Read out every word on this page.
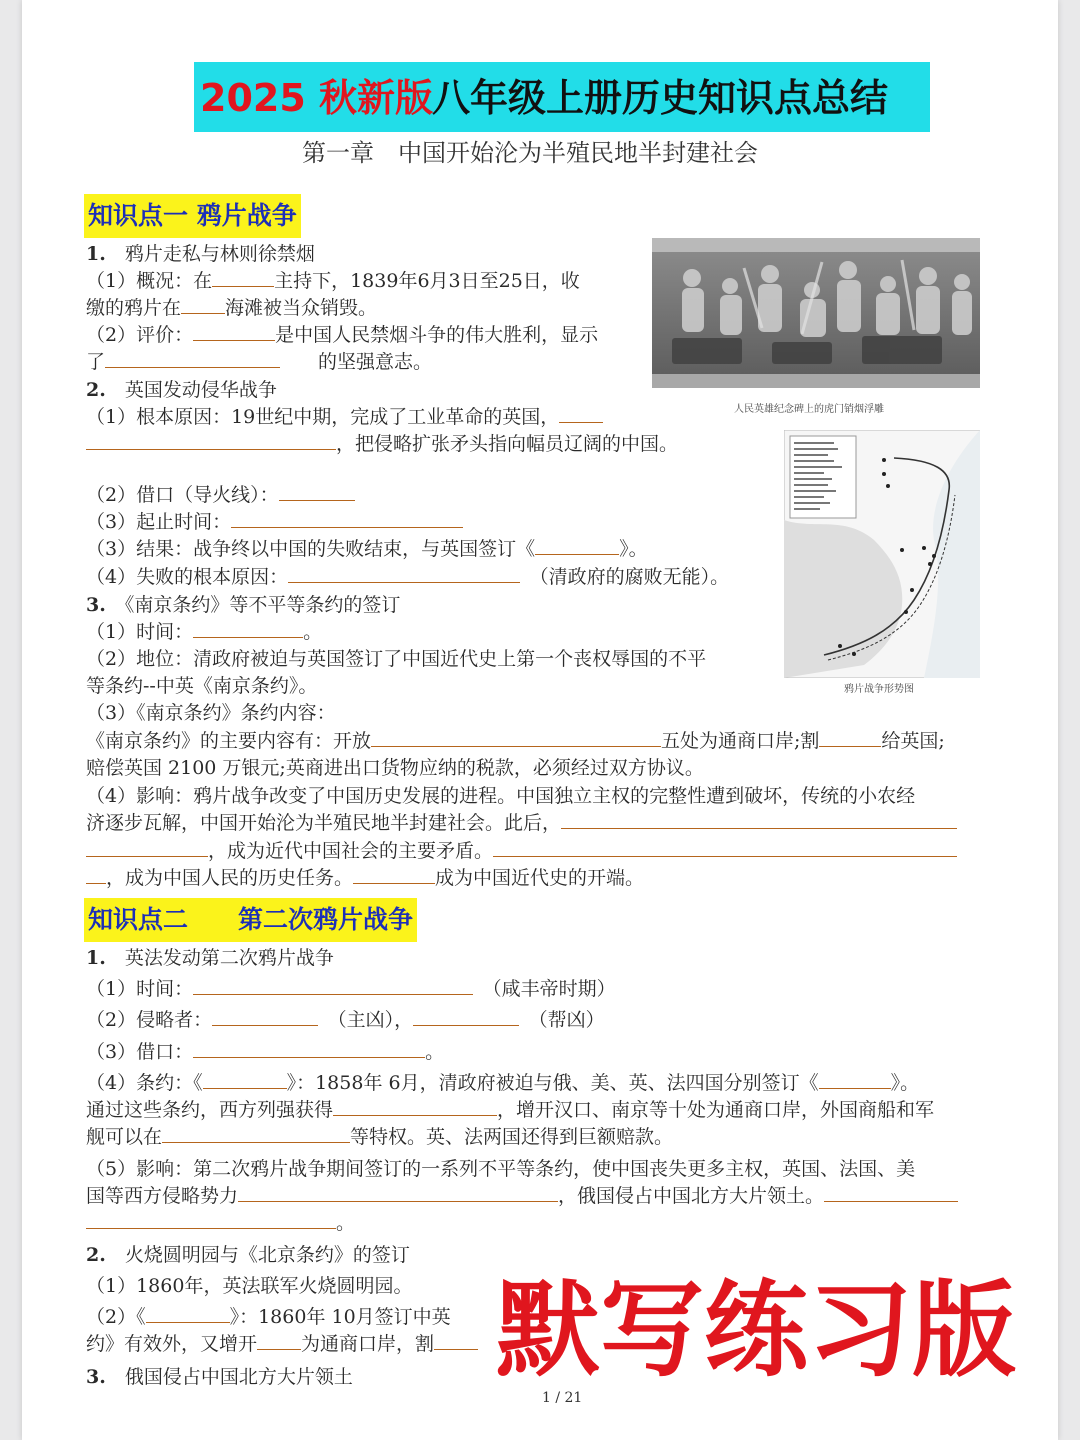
2025 秋新版 八年级上册历史知识点总结
第一章　中国开始沦为半殖民地半封建社会
知识点一 鸦片战争
1.　 鸦片走私与林则徐禁烟
（1）概况：在	主持下，1839年6月3日至25日，收
缴的鸦片在 海滩被当众销毁。
（2）评价：	是中国人民禁烟斗争的伟大胜利，显示
了　　	的坚强意志。
2.　 英国发动侵华战争
（1）根本原因：19世纪中期，完成了工业革命的英国，
，把侵略扩张矛头指向幅员辽阔的中国。
（2）借口（导火线）：
（3）起止时间：
（3）结果：战争终以中国的失败结束，与英国签订《	》。
（4）失败的根本原因：　	（清政府的腐败无能）。
3.　 《南京条约》等不平等条约的签订
（1）时间：	。
（2）地位：清政府被迫与英国签订了中国近代史上第一个丧权辱国的不平
等条约--中英《南京条约》。
（3）《南京条约》条约内容：
《南京条约》的主要内容有：开放	五处为通商口岸;割	给英国;
赔偿英国 2100 万银元;英商进出口货物应纳的税款，必须经过双方协议。
（4）影响：鸦片战争改变了中国历史发展的进程。中国独立主权的完整性遭到破坏，传统的小农经
济逐步瓦解，中国开始沦为半殖民地半封建社会。此后，
，成为近代中国社会的主要矛盾。
，成为中国人民的历史任务。	成为中国近代史的开端。
人民英雄纪念碑上的虎门销烟浮雕
鸦片战争形势图
知识点二　　第二次鸦片战争
1.　 英法发动第二次鸦片战争
（1）时间：　	（咸丰帝时期）
（2）侵略者：　	（主凶），　	（帮凶）
（3）借口：	。
（4）条约：《	》：1858年 6月，清政府被迫与俄、美、英、法四国分别签订《	》。
通过这些条约，西方列强获得	，增开汉口、南京等十处为通商口岸，外国商船和军
舰可以在	等特权。英、法两国还得到巨额赔款。
（5）影响：第二次鸦片战争期间签订的一系列不平等条约，使中国丧失更多主权，英国、法国、美
国等西方侵略势力	，俄国侵占中国北方大片领土。
。
2.　 火烧圆明园与《北京条约》的签订
（1）1860年，英法联军火烧圆明园。
（2）《	》：1860年 10月签订中英
约》有效外，又增开 为通商口岸，割
3.　 俄国侵占中国北方大片领土
1 / 21
默写练习版
